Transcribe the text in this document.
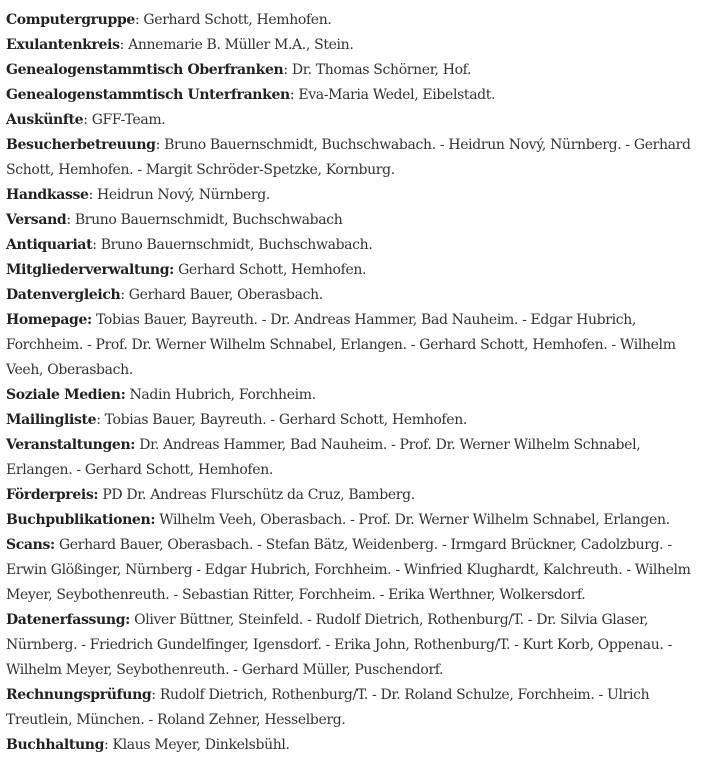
Computergruppe: Gerhard Schott, Hemhofen.

Exulantenkreis: Annemarie B. Müller M.A., Stein.

Genealogenstammtisch Oberfranken: Dr. Thomas Schörner, Hof.

Genealogenstammtisch Unterfranken: Eva-Maria Wedel, Eibelstadt.

Auskünfte: GFF-Team.

Besucherbetreuung: Bruno Bauernschmidt, Buchschwabach. - Heidrun Nový, Nürnberg. - Gerhard Schott, Hemhofen. - Margit Schröder-Spetzke, Kornburg.

Handkasse: Heidrun Nový, Nürnberg.

Versand: Bruno Bauernschmidt, Buchschwabach

Antiquariat: Bruno Bauernschmidt, Buchschwabach.

Mitgliederverwaltung: Gerhard Schott, Hemhofen.

Datenvergleich: Gerhard Bauer, Oberasbach.

Homepage: Tobias Bauer, Bayreuth. - Dr. Andreas Hammer, Bad Nauheim. - Edgar Hubrich, Forchheim. - Prof. Dr. Werner Wilhelm Schnabel, Erlangen. - Gerhard Schott, Hemhofen. - Wilhelm Veeh, Oberasbach.

Soziale Medien: Nadin Hubrich, Forchheim.

Mailingliste: Tobias Bauer, Bayreuth. - Gerhard Schott, Hemhofen.

Veranstaltungen: Dr. Andreas Hammer, Bad Nauheim. - Prof. Dr. Werner Wilhelm Schnabel, Erlangen. - Gerhard Schott, Hemhofen.

Förderpreis: PD Dr. Andreas Flurschütz da Cruz, Bamberg.

Buchpublikationen: Wilhelm Veeh, Oberasbach. - Prof. Dr. Werner Wilhelm Schnabel, Erlangen.

Scans: Gerhard Bauer, Oberasbach. - Stefan Bätz, Weidenberg. - Irmgard Brückner, Cadolzburg. - Erwin Glößinger, Nürnberg - Edgar Hubrich, Forchheim. - Winfried Klughardt, Kalchreuth. - Wilhelm Meyer, Seybothenreuth. - Sebastian Ritter, Forchheim. - Erika Werthner, Wolkersdorf.

Datenerfassung: Oliver Büttner, Steinfeld. - Rudolf Dietrich, Rothenburg/T. - Dr. Silvia Glaser, Nürnberg. - Friedrich Gundelfinger, Igensdorf. - Erika John, Rothenburg/T. - Kurt Korb, Oppenau. - Wilhelm Meyer, Seybothenreuth. - Gerhard Müller, Puschendorf.

Rechnungsprüfung: Rudolf Dietrich, Rothenburg/T. - Dr. Roland Schulze, Forchheim. - Ulrich Treutlein, München. - Roland Zehner, Hesselberg.

Buchhaltung: Klaus Meyer, Dinkelsbühl.
